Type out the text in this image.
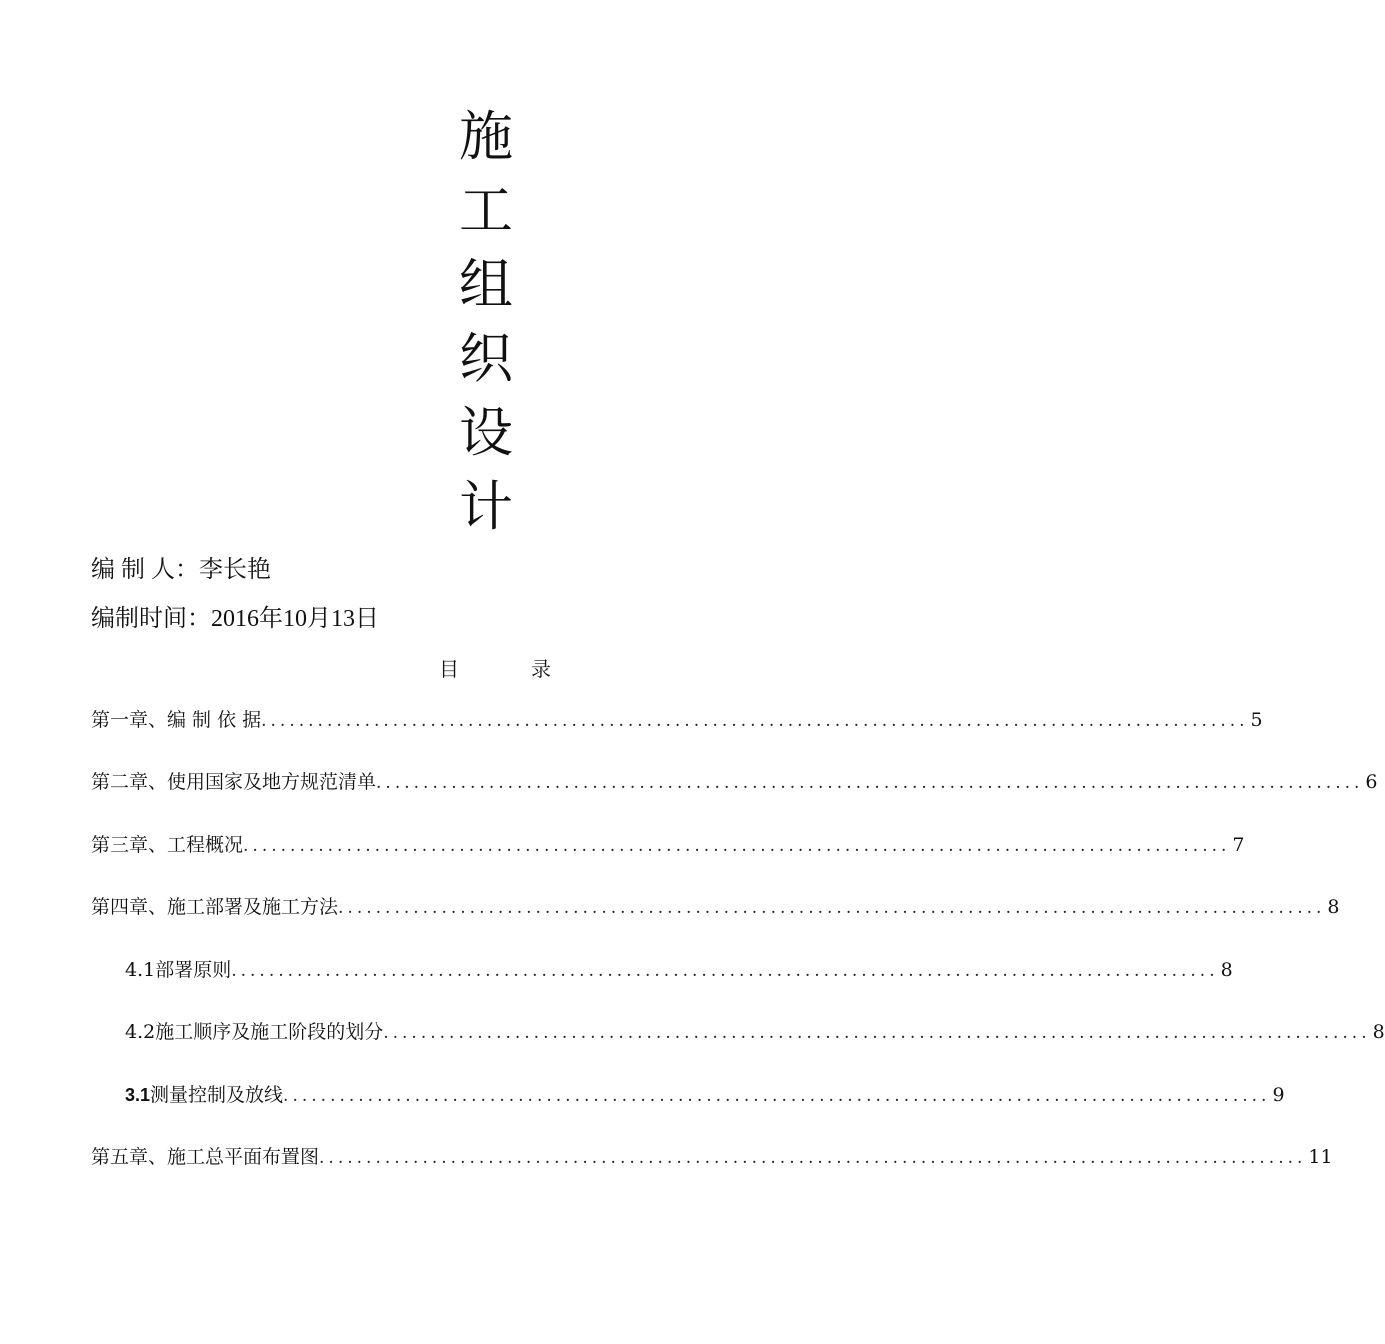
施
工
组
织
设
计
编 制 人：李长艳
编制时间：2016年10月13日
目	录
第一章、编 制 依 据 ......................................................................................................... 5
第二章、使用国家及地方规范清单 ......................................................................................................... 6
第三章、工程概况 ......................................................................................................... 7
第四章、施工部署及施工方法 ......................................................................................................... 8
4.1部署原则 ......................................................................................................... 8
4.2施工顺序及施工阶段的划分 ......................................................................................................... 8
3.1测量控制及放线 ......................................................................................................... 9
第五章、施工总平面布置图 ......................................................................................................... 11
